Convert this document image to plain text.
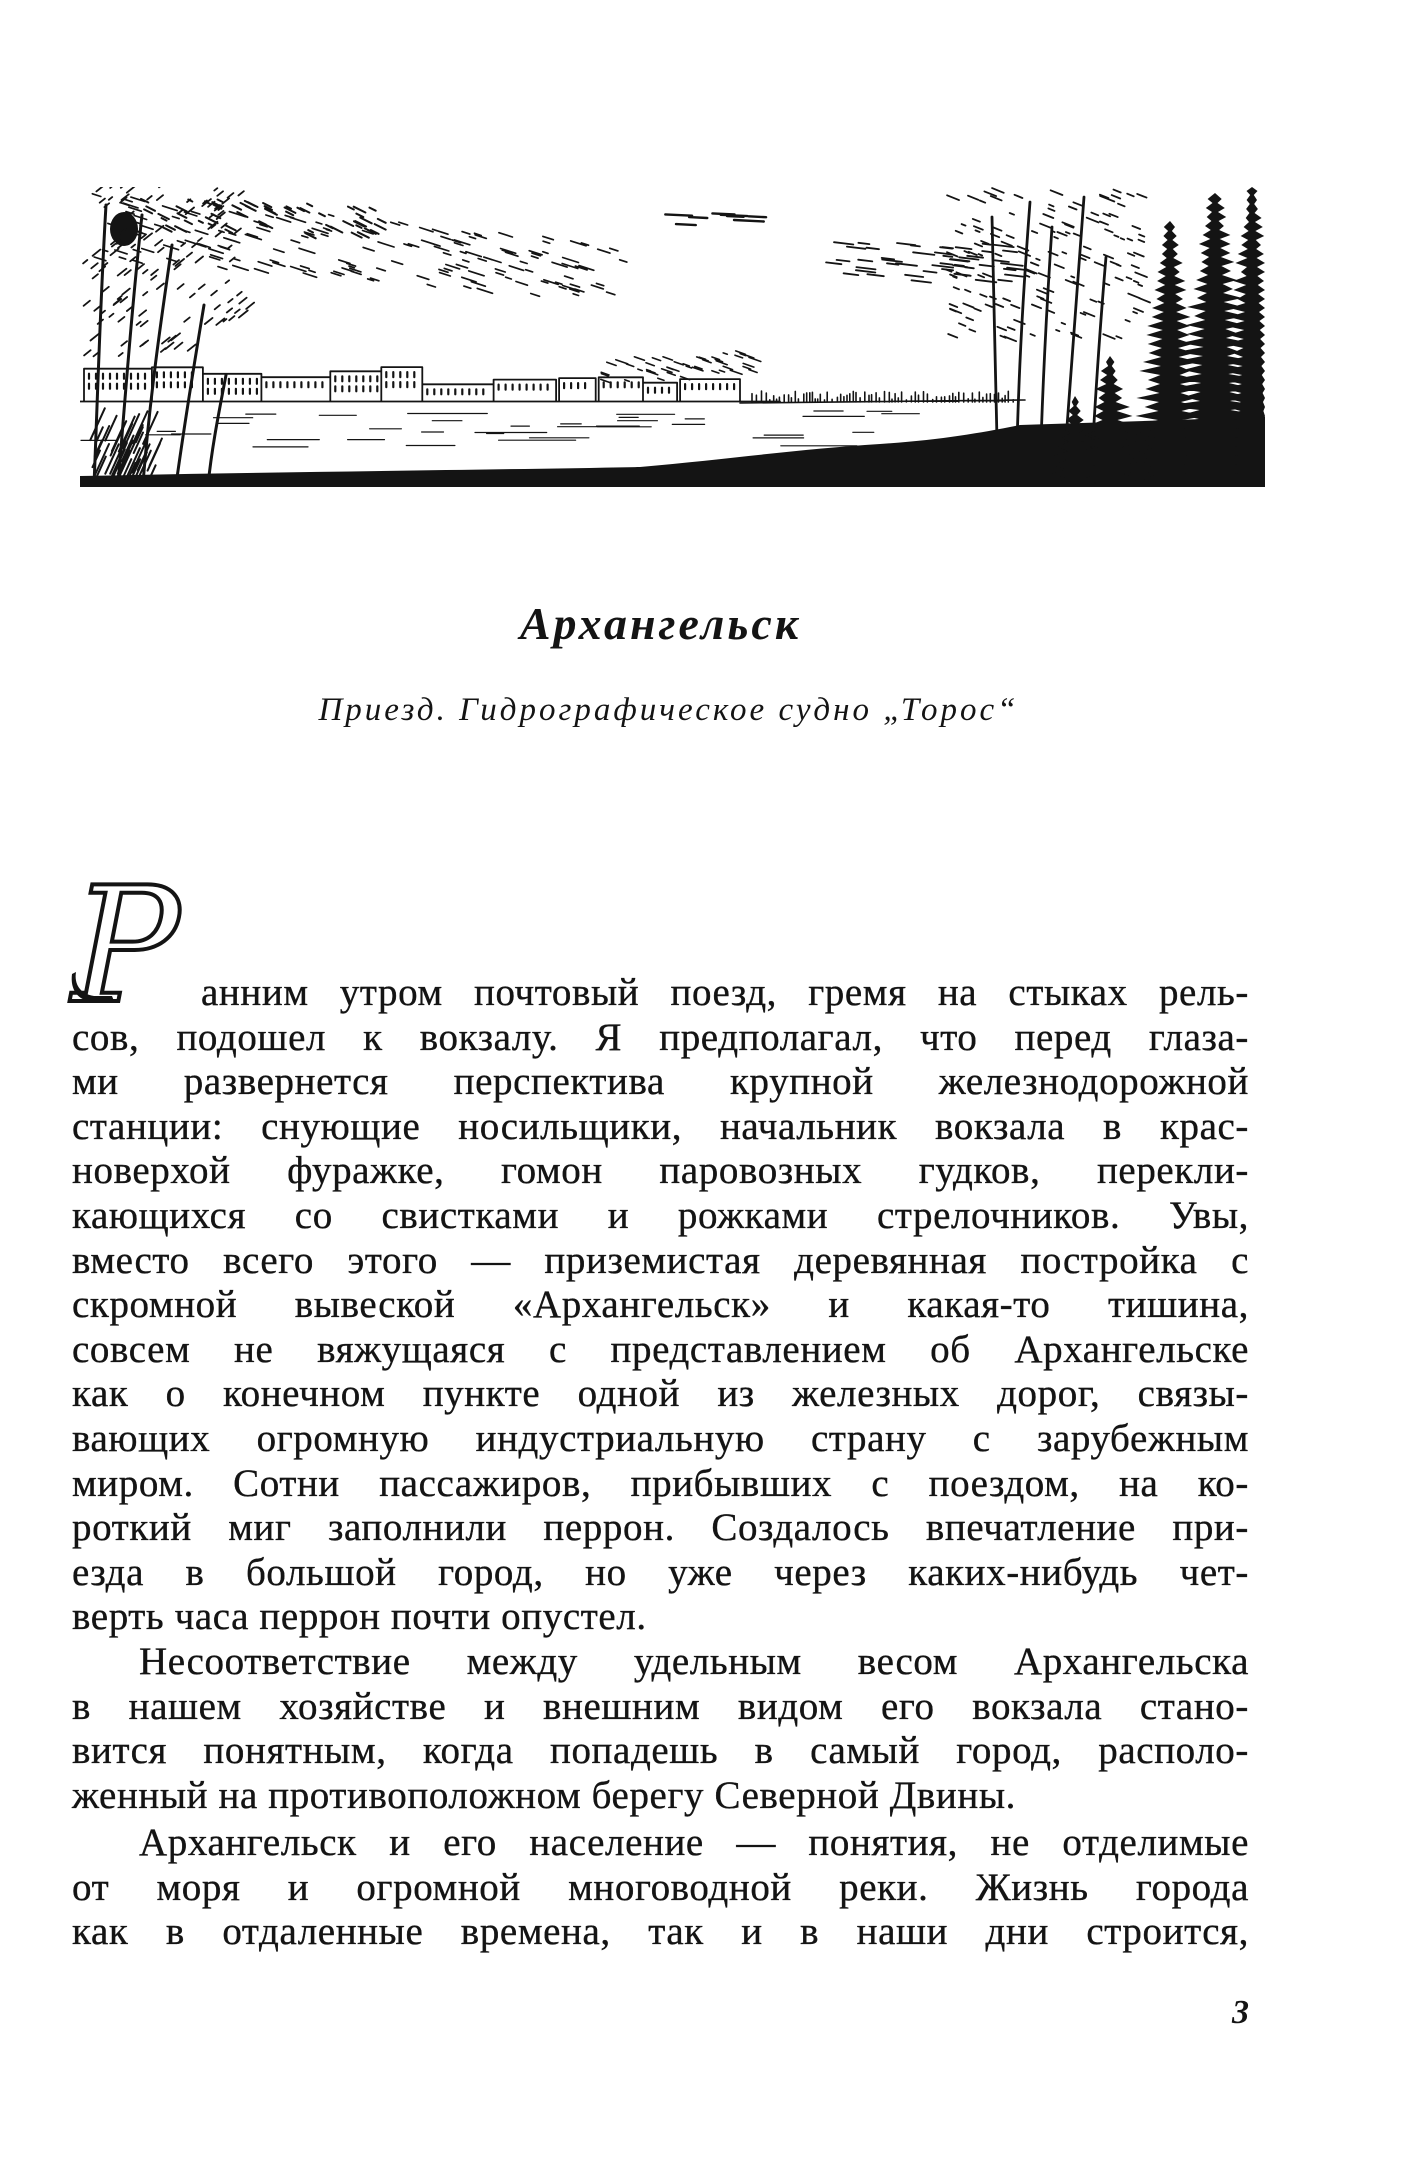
Архангельск
Приезд. Гидрографическое судно „Торос“
Р анним утром почтовый поезд, гремя на стыках рель-
сов, подошел к вокзалу. Я предполагал, что перед глаза-
ми развернется перспектива крупной железнодорожной
станции: снующие носильщики, начальник вокзала в крас-
новерхой фуражке, гомон паровозных гудков, перекли-
кающихся со свистками и рожками стрелочников. Увы,
вместо всего этого — приземистая деревянная постройка с
скромной вывеской «Архангельск» и какая-то тишина,
совсем не вяжущаяся с представлением об Архангельске
как о конечном пункте одной из железных дорог, связы-
вающих огромную индустриальную страну с зарубежным
миром. Сотни пассажиров, прибывших с поездом, на ко-
роткий миг заполнили перрон. Создалось впечатление при-
езда в большой город, но уже через каких-нибудь чет-
верть часа перрон почти опустел.
Несоответствие между удельным весом Архангельска
в нашем хозяйстве и внешним видом его вокзала стано-
вится понятным, когда попадешь в самый город, располо-
женный на противоположном берегу Северной Двины.
Архангельск и его население — понятия, не отделимые
от моря и огромной многоводной реки. Жизнь города
как в отдаленные времена, так и в наши дни строится,
3
